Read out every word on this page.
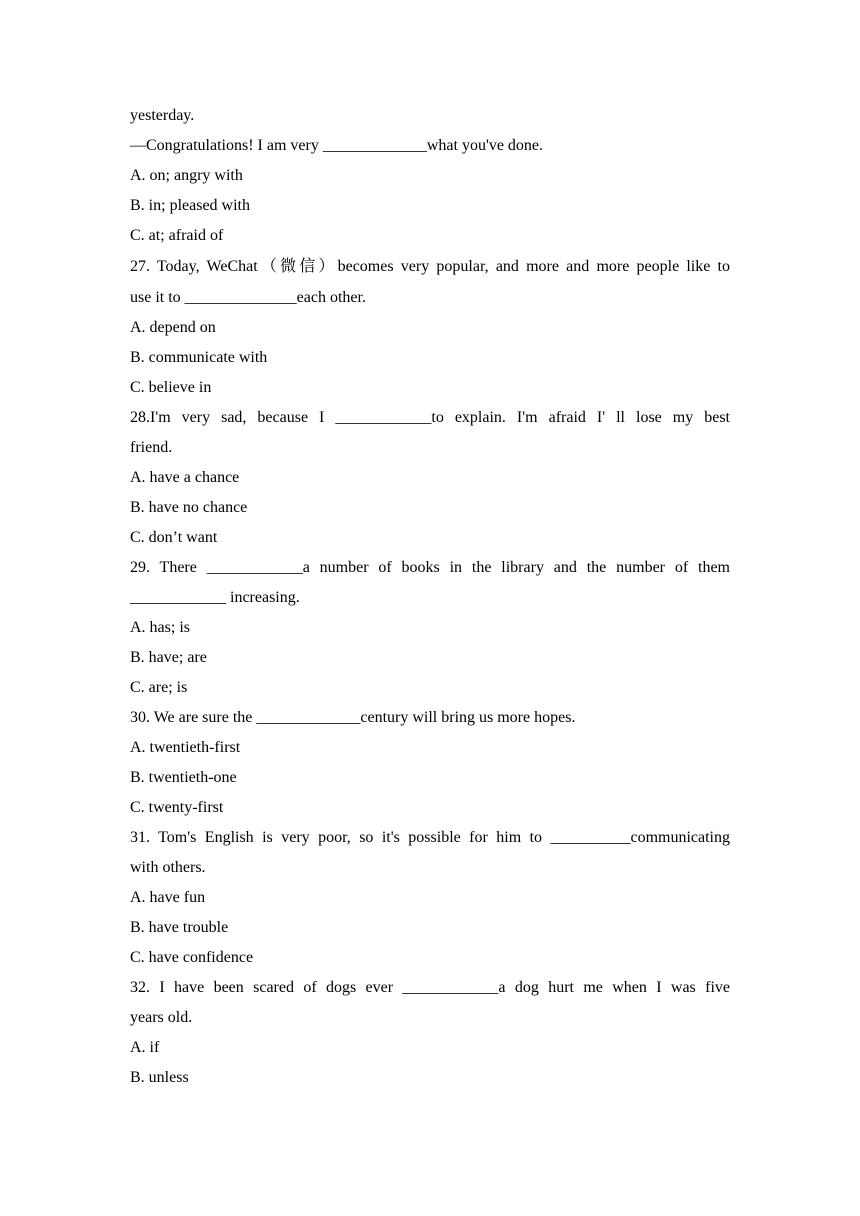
yesterday.
—Congratulations! I am very _____________what you've done.
A. on; angry with
B. in; pleased with
C. at; afraid of
27. Today, WeChat（微信）becomes very popular, and more and more people like to
use it to ______________each other.
A. depend on
B. communicate with
C. believe in
28.I'm very sad, because I ____________to explain. I'm afraid I' ll lose my best
friend.
A. have a chance
B. have no chance
C. don’t want
29. There ____________a number of books in the library and the number of them
____________ increasing.
A. has; is
B. have; are
C. are; is
30. We are sure the _____________century will bring us more hopes.
A. twentieth-first
B. twentieth-one
C. twenty-first
31. Tom's English is very poor, so it's possible for him to __________communicating
with others.
A. have fun
B. have trouble
C. have confidence
32. I have been scared of dogs ever ____________a dog hurt me when I was five
years old.
A. if
B. unless
